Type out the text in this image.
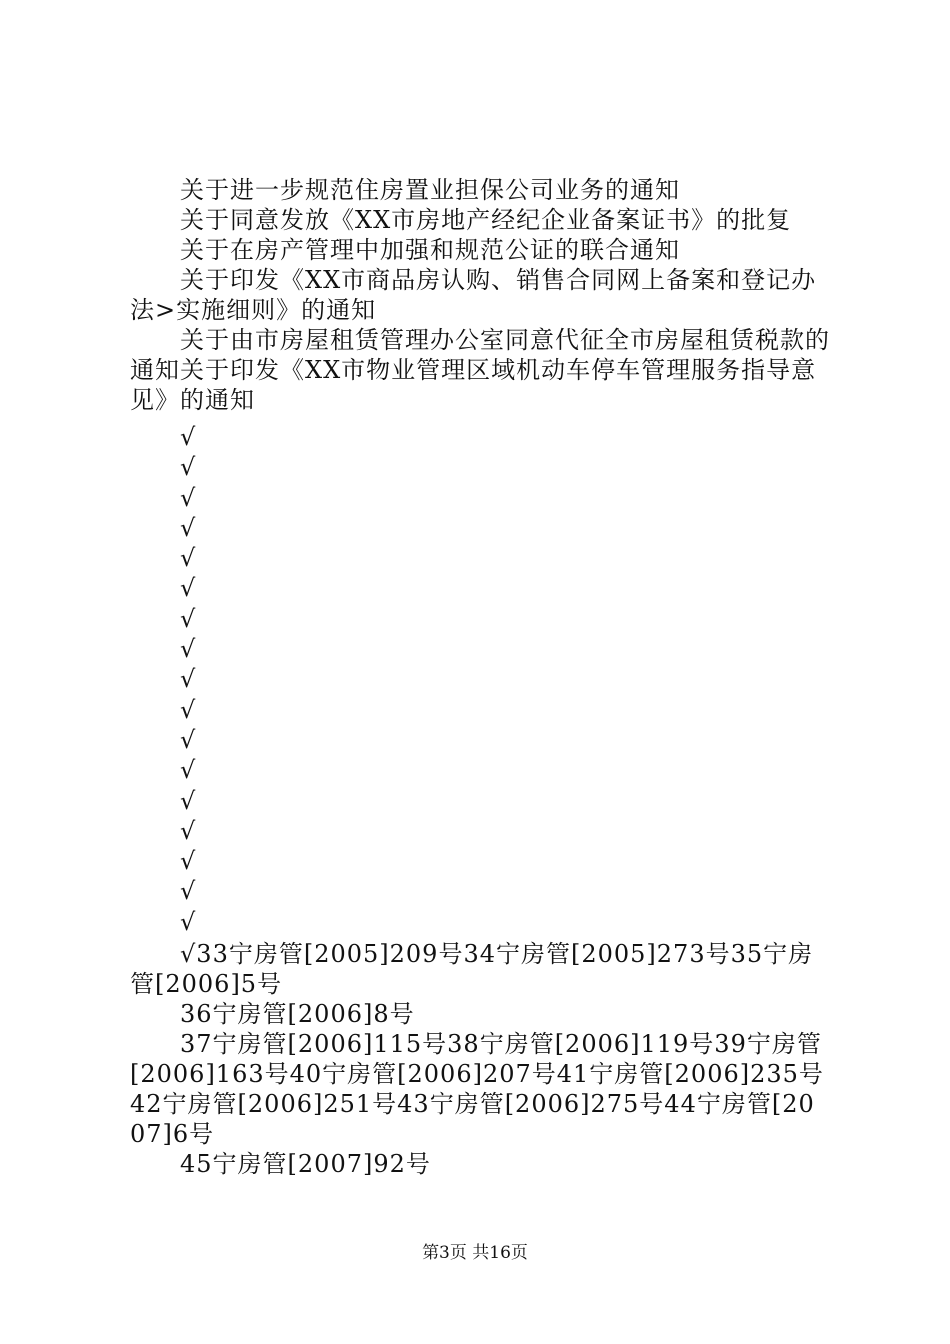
关于进一步规范住房置业担保公司业务的通知

关于同意发放《XX市房地产经纪企业备案证书》的批复

关于在房产管理中加强和规范公证的联合通知

关于印发《XX市商品房认购、销售合同网上备案和登记办法>实施细则》的通知

关于由市房屋租赁管理办公室同意代征全市房屋租赁税款的通知关于印发《XX市物业管理区域机动车停车管理服务指导意见》的通知

√
√
√
√
√
√
√
√
√
√
√
√
√
√
√
√
√

√33宁房管[2005]209号34宁房管[2005]273号35宁房管[2006]5号

36宁房管[2006]8号

37宁房管[2006]115号38宁房管[2006]119号39宁房管[2006]163号40宁房管[2006]207号41宁房管[2006]235号42宁房管[2006]251号43宁房管[2006]275号44宁房管[2007]6号

45宁房管[2007]92号

第3页 共16页
